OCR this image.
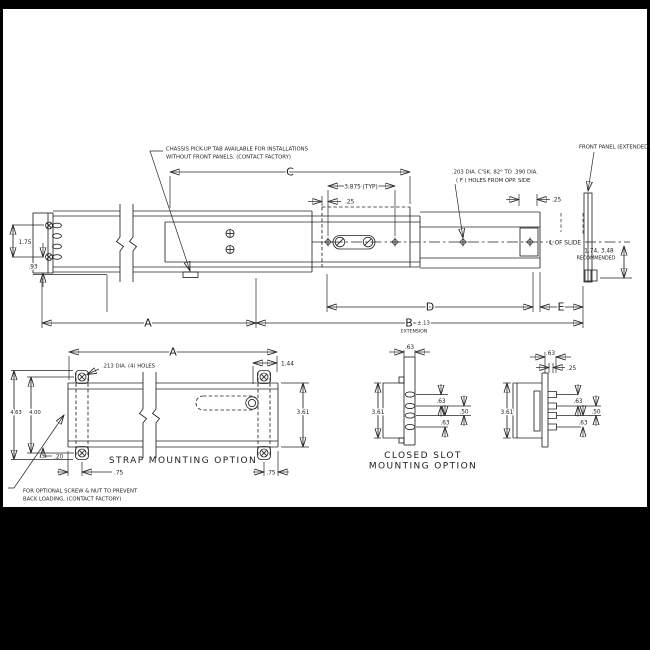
C
3.875 (TYP)
.25	.25
CHASSIS PICK-UP TAB AVAILABLE FOR INSTALLATIONS
WITHOUT FRONT PANELS. (CONTACT FACTORY)
.203 DIA. C'SK. 82° TO .390 DIA.
( F ) HOLES FROM OPP. SIDE
FRONT PANEL (EXTENDED)
℄ OF SLIDE
1.74, 3.48
RECOMMENDED
1.75
.93
D	E
A	B ±.13
EXTENSION
A
.213 DIA. (4) HOLES	1.44
3.61
4.63 4.00
.20
.75	.75
STRAP MOUNTING OPTION
FOR OPTIONAL SCREW & NUT TO PREVENT
BACK LOADING, (CONTACT FACTORY)
.63
3.61
.63
.50
.63
CLOSED SLOT
MOUNTING OPTION
.63
.25
3.61
.63
.50
.63
